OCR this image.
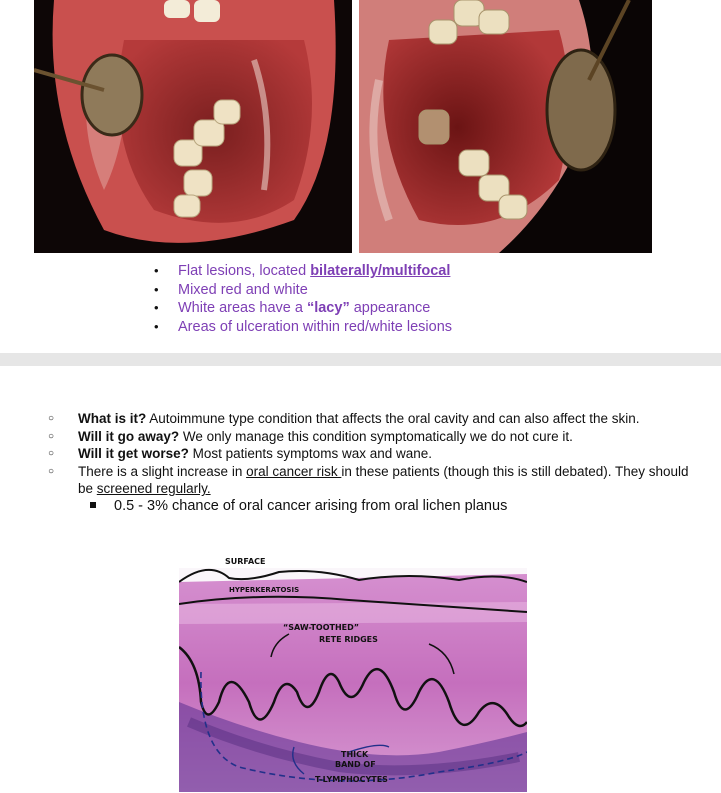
• Flat lesions, located bilaterally/multifocal
• Mixed red and white
• White areas have a “lacy” appearance
• Areas of ulceration within red/white lesions
○ What is it? Autoimmune type condition that affects the oral cavity and can also affect the skin.
○ Will it go away? We only manage this condition symptomatically we do not cure it.
○ Will it get worse? Most patients symptoms wax and wane.
○ There is a slight increase in oral cancer risk in these patients (though this is still debated). They should be screened regularly.
0.5 - 3% chance of oral cancer arising from oral lichen planus
SURFACE
HYPERKERATOSIS
“SAW-TOOTHED”
RETE RIDGES
THICK
BAND OF
T-LYMPHOCYTES
